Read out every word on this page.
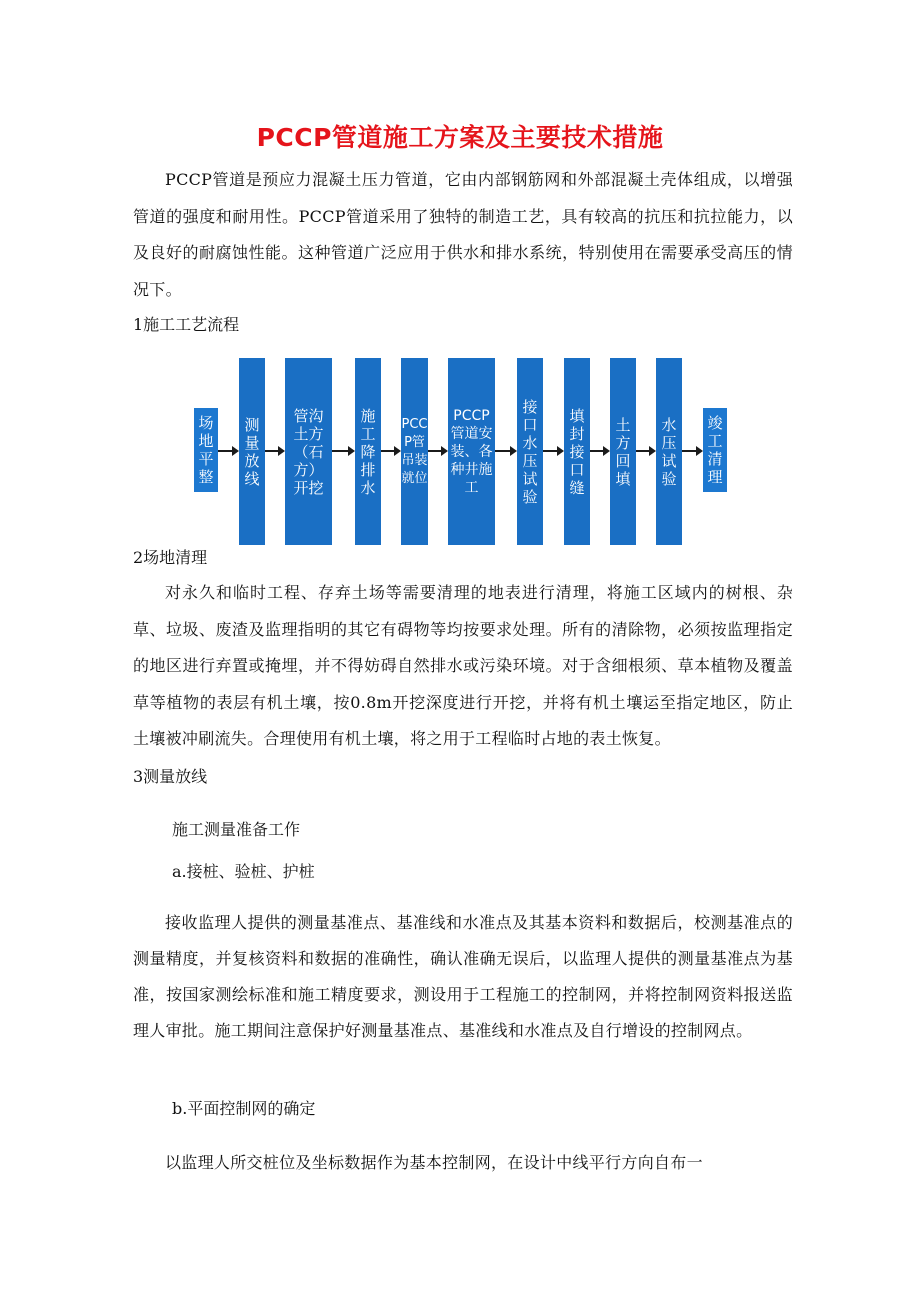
PCCP管道施工方案及主要技术措施
PCCP管道是预应力混凝土压力管道，它由内部钢筋网和外部混凝土壳体组成，以增强管道的强度和耐用性。PCCP管道采用了独特的制造工艺，具有较高的抗压和抗拉能力，以及良好的耐腐蚀性能。这种管道广泛应用于供水和排水系统，特别使用在需要承受高压的情况下。
1施工工艺流程
场地平整
测量放线
管沟土方（石方）开挖
施工降排水
PCCP管吊装就位
PCCP管道安装、各种井施工
接口水压试验
填封接口缝
土方回填
水压试验
竣工清理
2场地清理
对永久和临时工程、存弃土场等需要清理的地表进行清理，将施工区域内的树根、杂草、垃圾、废渣及监理指明的其它有碍物等均按要求处理。所有的清除物，必须按监理指定的地区进行弃置或掩埋，并不得妨碍自然排水或污染环境。对于含细根须、草本植物及覆盖草等植物的表层有机土壤，按0.8m开挖深度进行开挖，并将有机土壤运至指定地区，防止土壤被冲刷流失。合理使用有机土壤，将之用于工程临时占地的表土恢复。
3测量放线
施工测量准备工作
a.接桩、验桩、护桩
接收监理人提供的测量基准点、基准线和水准点及其基本资料和数据后，校测基准点的测量精度，并复核资料和数据的准确性，确认准确无误后，以监理人提供的测量基准点为基准，按国家测绘标准和施工精度要求，测设用于工程施工的控制网，并将控制网资料报送监理人审批。施工期间注意保护好测量基准点、基准线和水准点及自行增设的控制网点。
b.平面控制网的确定
以监理人所交桩位及坐标数据作为基本控制网，在设计中线平行方向自布一
